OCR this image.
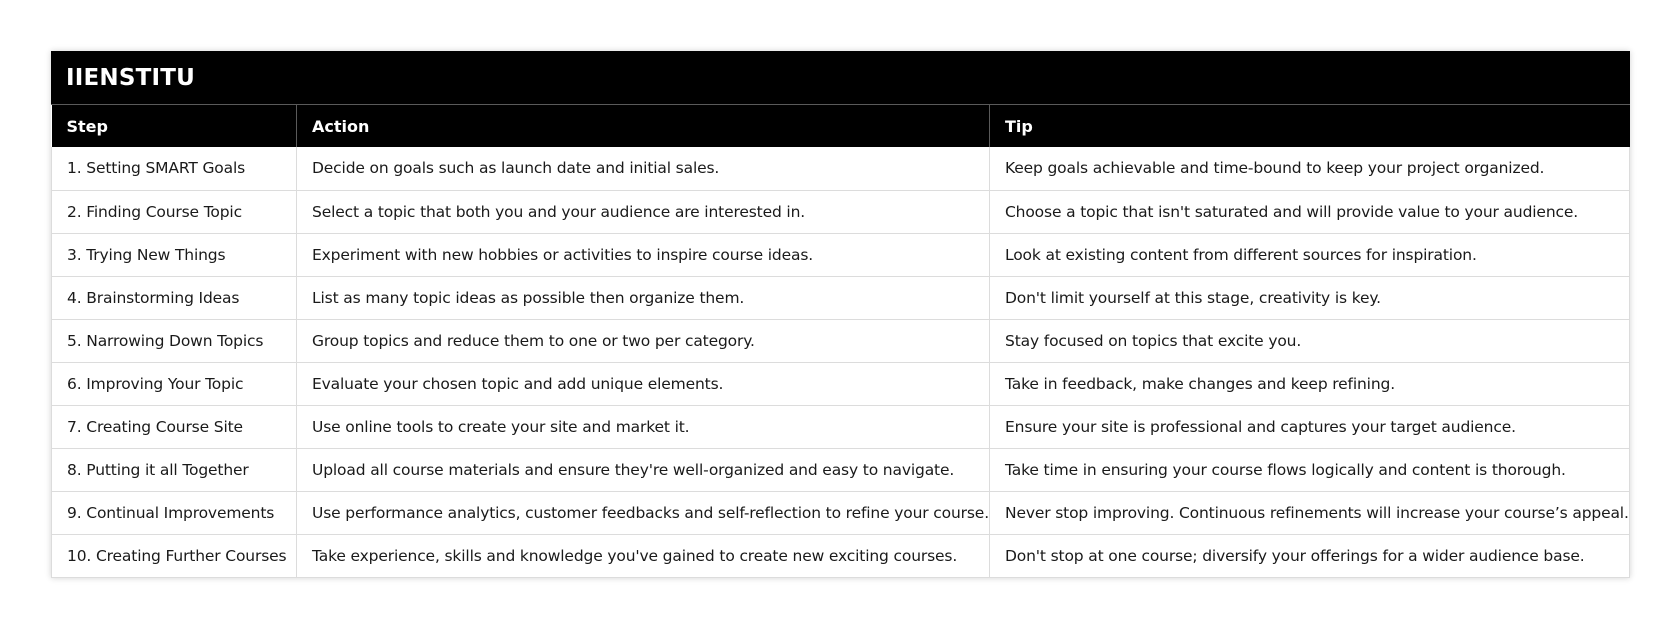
IIENSTITU
Step	Action	Tip
1. Setting SMART Goals	Decide on goals such as launch date and initial sales.	Keep goals achievable and time-bound to keep your project organized.
2. Finding Course Topic	Select a topic that both you and your audience are interested in.	Choose a topic that isn't saturated and will provide value to your audience.
3. Trying New Things	Experiment with new hobbies or activities to inspire course ideas.	Look at existing content from different sources for inspiration.
4. Brainstorming Ideas	List as many topic ideas as possible then organize them.	Don't limit yourself at this stage, creativity is key.
5. Narrowing Down Topics	Group topics and reduce them to one or two per category.	Stay focused on topics that excite you.
6. Improving Your Topic	Evaluate your chosen topic and add unique elements.	Take in feedback, make changes and keep refining.
7. Creating Course Site	Use online tools to create your site and market it.	Ensure your site is professional and captures your target audience.
8. Putting it all Together	Upload all course materials and ensure they're well-organized and easy to navigate.	Take time in ensuring your course flows logically and content is thorough.
9. Continual Improvements	Use performance analytics, customer feedbacks and self-reflection to refine your course.	Never stop improving. Continuous refinements will increase your course’s appeal.
10. Creating Further Courses	Take experience, skills and knowledge you've gained to create new exciting courses.	Don't stop at one course; diversify your offerings for a wider audience base.
